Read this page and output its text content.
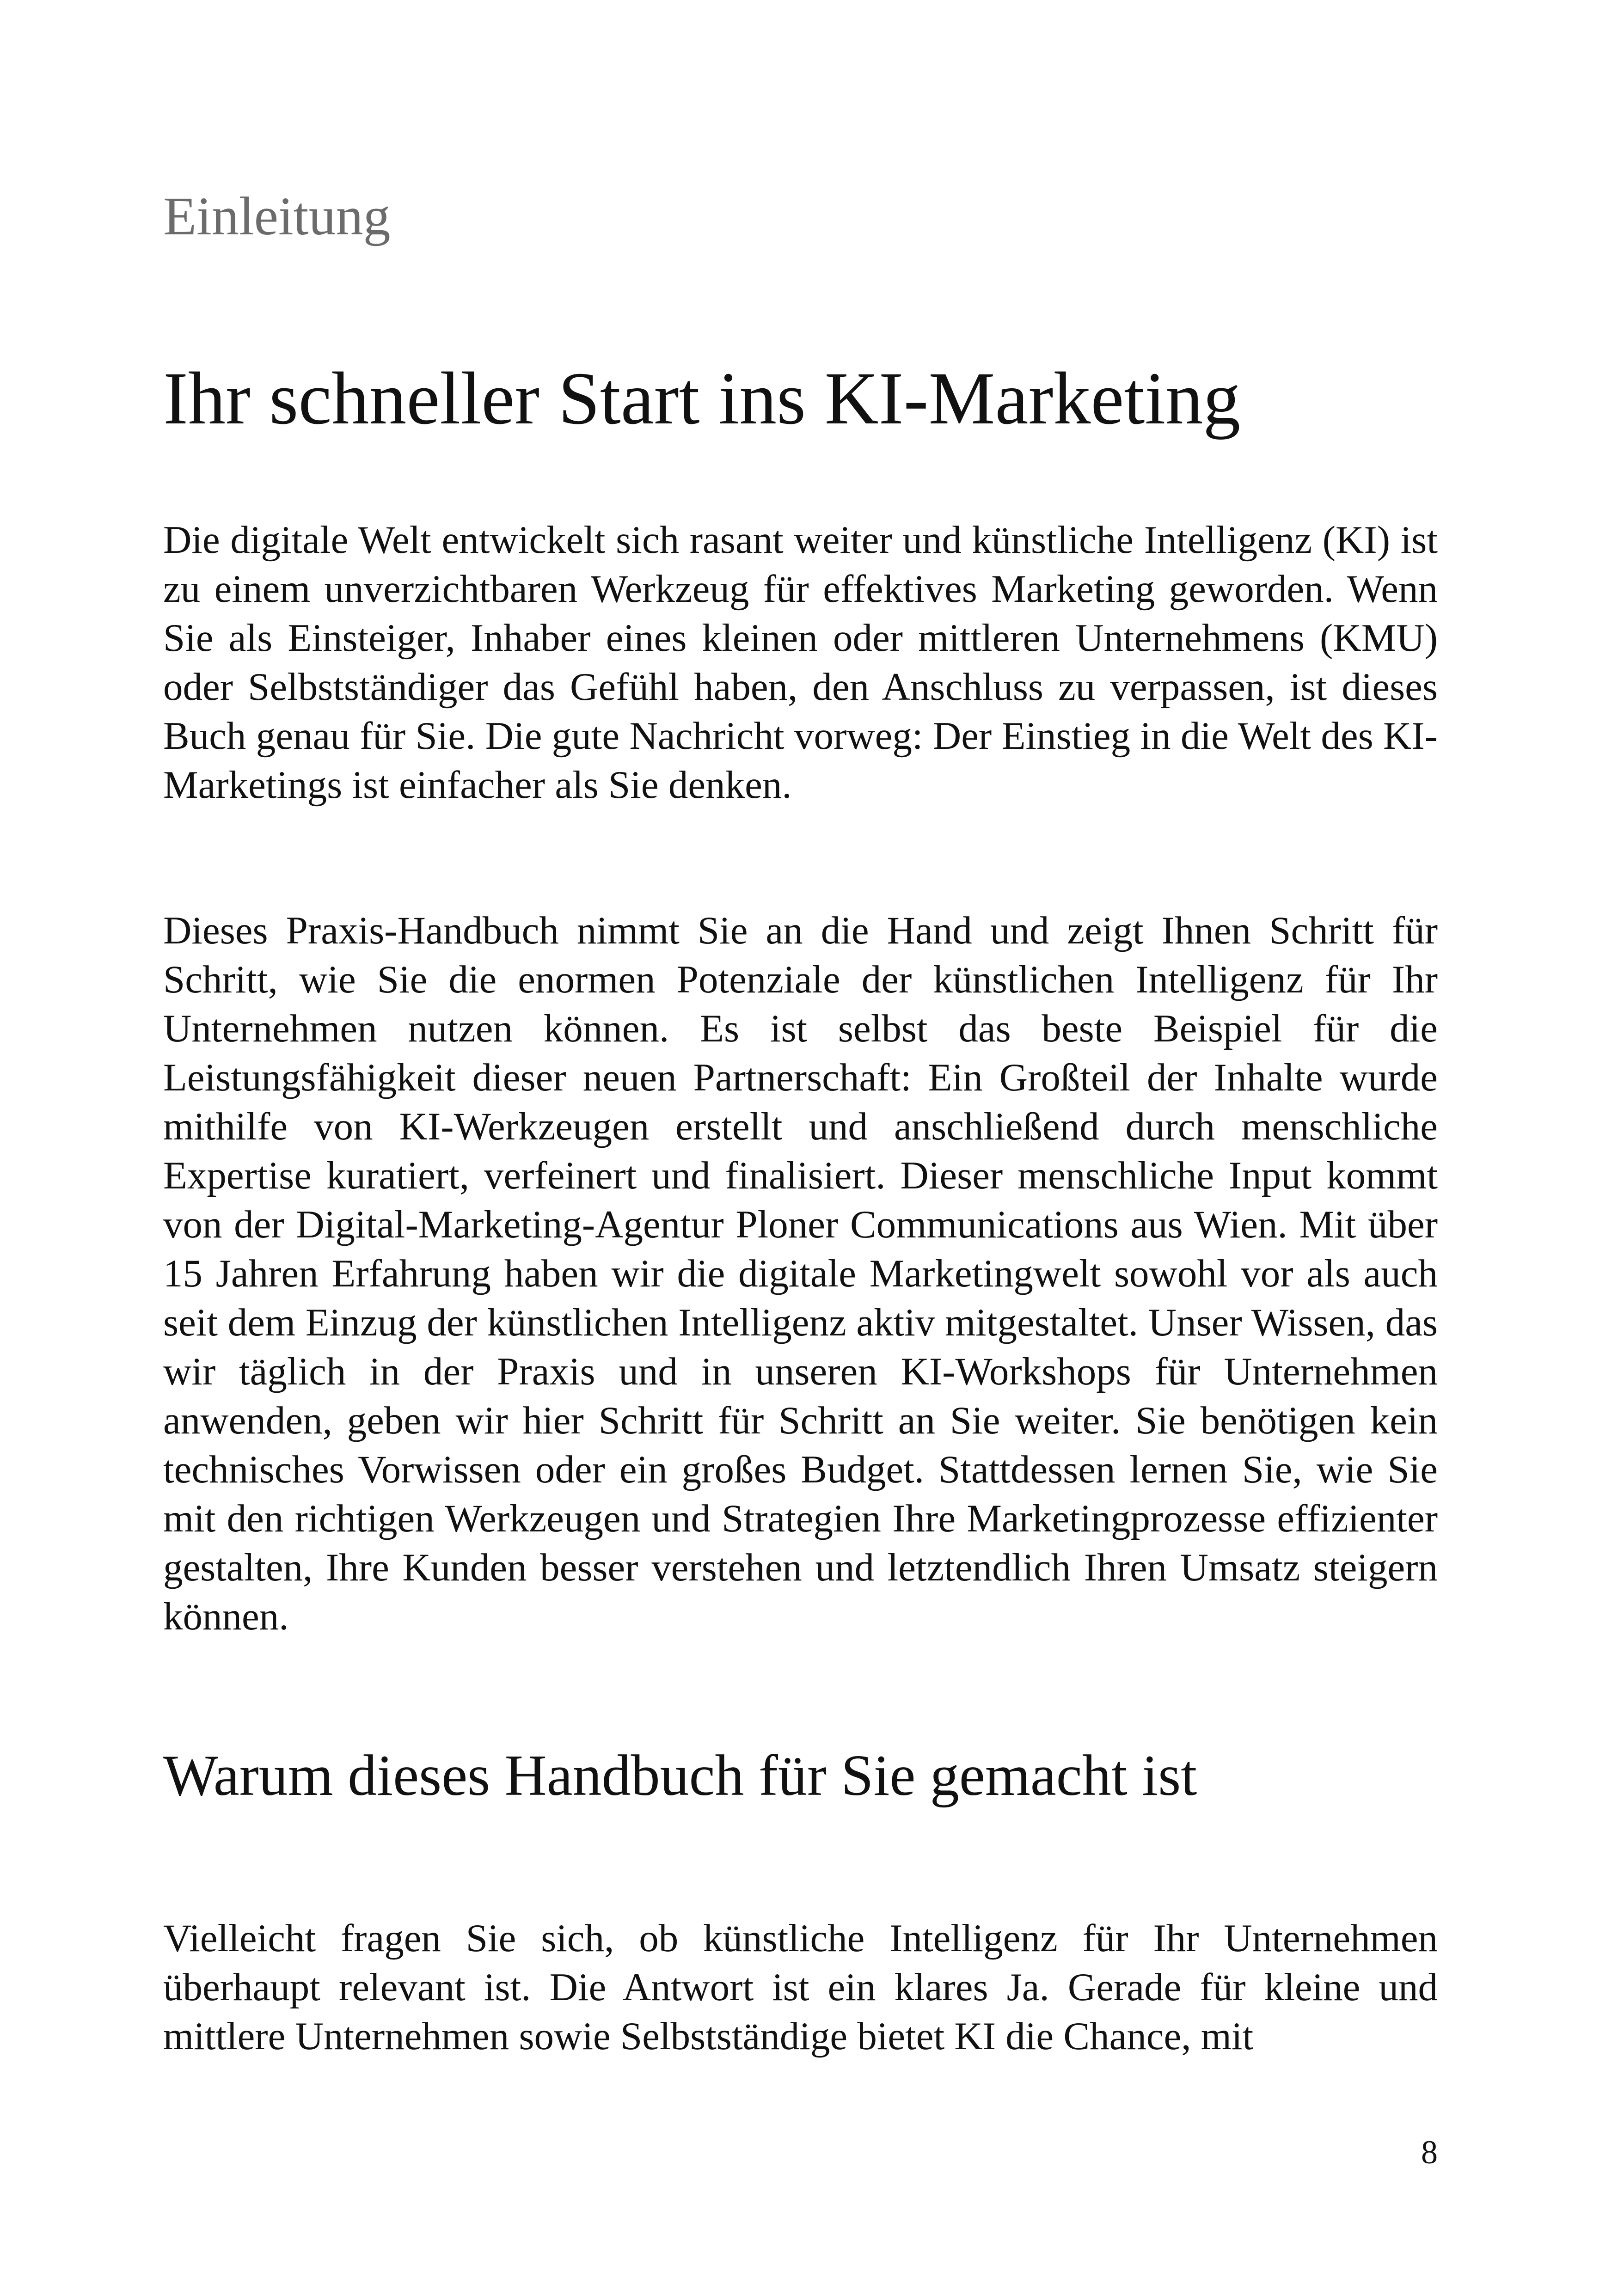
Einleitung
Ihr schneller Start ins KI-Marketing

Die digitale Welt entwickelt sich rasant weiter und künstliche Intelligenz (KI) ist zu einem unverzichtbaren Werkzeug für effektives Marketing geworden. Wenn Sie als Einsteiger, Inhaber eines kleinen oder mittleren Unternehmens (KMU) oder Selbstständiger das Gefühl haben, den Anschluss zu verpassen, ist dieses Buch genau für Sie. Die gute Nachricht vorweg: Der Einstieg in die Welt des KI-Marketings ist einfacher als Sie denken.

Dieses Praxis-Handbuch nimmt Sie an die Hand und zeigt Ihnen Schritt für Schritt, wie Sie die enormen Potenziale der künstlichen Intelligenz für Ihr Unternehmen nutzen können. Es ist selbst das beste Beispiel für die Leistungsfähigkeit dieser neuen Partnerschaft: Ein Großteil der Inhalte wurde mithilfe von KI-Werkzeugen erstellt und anschließend durch menschliche Expertise kuratiert, verfeinert und finalisiert. Dieser menschliche Input kommt von der Digital-Marketing-Agentur Ploner Communications aus Wien. Mit über 15 Jahren Erfahrung haben wir die digitale Marketingwelt sowohl vor als auch seit dem Einzug der künstlichen Intelligenz aktiv mitgestaltet. Unser Wissen, das wir täglich in der Praxis und in unseren KI-Workshops für Unternehmen anwenden, geben wir hier Schritt für Schritt an Sie weiter. Sie benötigen kein technisches Vorwissen oder ein großes Budget. Stattdessen lernen Sie, wie Sie mit den richtigen Werkzeugen und Strategien Ihre Marketingprozesse effizienter gestalten, Ihre Kunden besser verstehen und letztendlich Ihren Umsatz steigern können.

Warum dieses Handbuch für Sie gemacht ist

Vielleicht fragen Sie sich, ob künstliche Intelligenz für Ihr Unternehmen überhaupt relevant ist. Die Antwort ist ein klares Ja. Gerade für kleine und mittlere Unternehmen sowie Selbstständige bietet KI die Chance, mit

8
